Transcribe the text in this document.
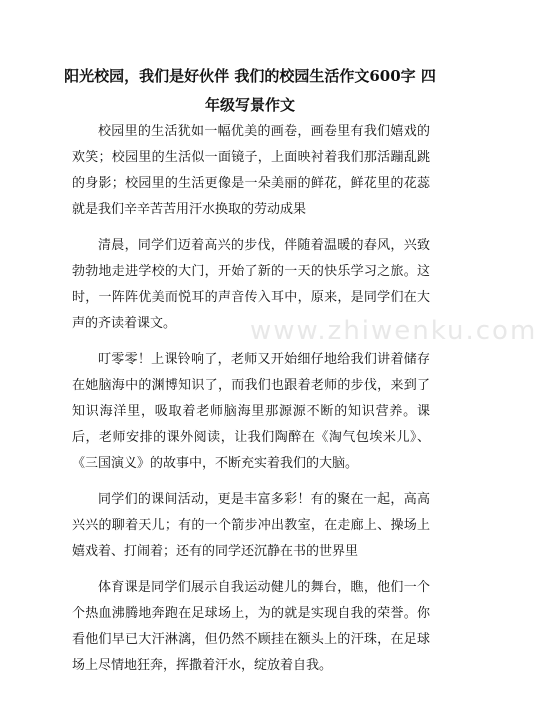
阳光校园，我们是好伙伴 我们的校园生活作文600字 四
年级写景作文

校园里的生活犹如一幅优美的画卷，画卷里有我们嬉戏的欢笑；校园里的生活似一面镜子，上面映衬着我们那活蹦乱跳的身影；校园里的生活更像是一朵美丽的鲜花，鲜花里的花蕊就是我们辛辛苦苦用汗水换取的劳动成果

清晨，同学们迈着高兴的步伐，伴随着温暖的春风，兴致勃勃地走进学校的大门，开始了新的一天的快乐学习之旅。这时，一阵阵优美而悦耳的声音传入耳中，原来，是同学们在大声的齐读着课文。

叮零零！上课铃响了，老师又开始细仔地给我们讲着储存在她脑海中的渊博知识了，而我们也跟着老师的步伐，来到了知识海洋里，吸取着老师脑海里那源源不断的知识营养。课后，老师安排的课外阅读，让我们陶醉在《淘气包埃米儿》、《三国演义》的故事中，不断充实着我们的大脑。

同学们的课间活动，更是丰富多彩！有的聚在一起，高高兴兴的聊着天儿；有的一个箭步冲出教室，在走廊上、操场上嬉戏着、打闹着；还有的同学还沉静在书的世界里

体育课是同学们展示自我运动健儿的舞台，瞧，他们一个个热血沸腾地奔跑在足球场上，为的就是实现自我的荣誉。你看他们早已大汗淋漓，但仍然不顾挂在额头上的汗珠，在足球场上尽情地狂奔，挥撒着汗水，绽放着自我。

www.zhiwenku.com
